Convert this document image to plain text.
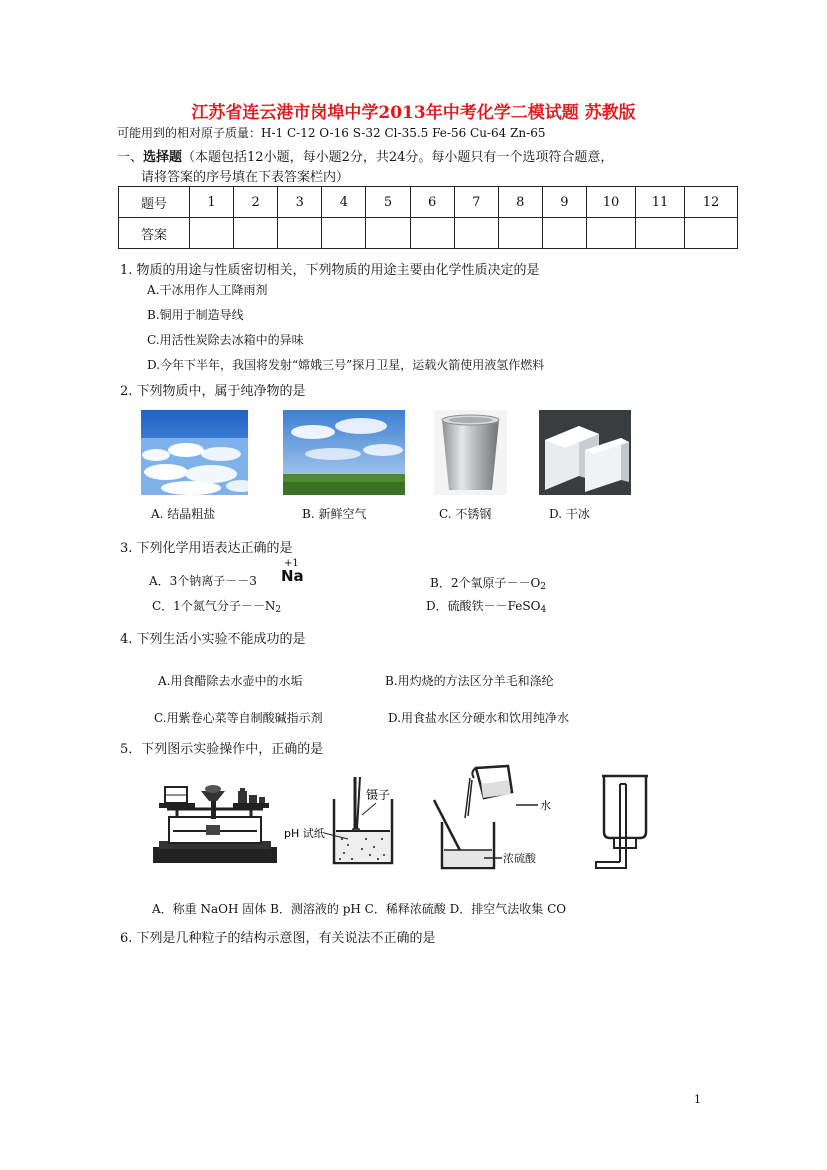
江苏省连云港市岗埠中学2013年中考化学二模试题 苏教版
可能用到的相对原子质量：H-1 C-12 O-16 S-32 Cl-35.5 Fe-56 Cu-64 Zn-65
一、选择题（本题包括12小题，每小题2分，共24分。每小题只有一个选项符合题意，
请将答案的序号填在下表答案栏内）
题号	1	2	3	4	5	6	7	8	9	10	11	12
答案												
1. 物质的用途与性质密切相关，下列物质的用途主要由化学性质决定的是
A.干冰用作人工降雨剂
B.铜用于制造导线
C.用活性炭除去冰箱中的异味
D.今年下半年，我国将发射“嫦娥三号”探月卫星，运载火箭使用液氢作燃料
2. 下列物质中，属于纯净物的是
A. 结晶粗盐	B. 新鲜空气	C. 不锈钢	D. 干冰
3. 下列化学用语表达正确的是
A．3个钠离子－－3
+1
Na	B．2个氧原子$--O_2$
C．1个氮气分子$--N_2$	D．硫酸铁－－FeSO$_4$
4. 下列生活小实验不能成功的是
A.用食醋除去水壶中的水垢	B.用灼烧的方法区分羊毛和涤纶
C.用紫卷心菜等自制酸碱指示剂	D.用食盐水区分硬水和饮用纯净水
5．下列图示实验操作中，正确的是
镊子
pH 试纸
水
浓硫酸
A．称重 NaOH 固体 B．测溶液的 pH C．稀释浓硫酸 D．排空气法收集 CO
6. 下列是几种粒子的结构示意图，有关说法不正确的是
1
